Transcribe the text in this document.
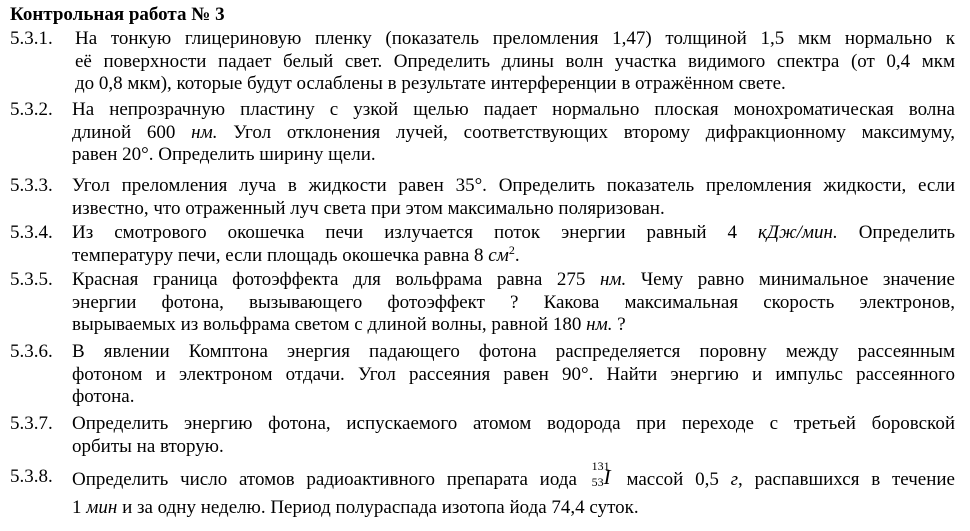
Контрольная работа № 3
5.3.1. На тонкую глицериновую пленку (показатель преломления 1,47) толщиной 1,5 мкм нормально к
её поверхности падает белый свет. Определить длины волн участка видимого спектра (от 0,4 мкм
до 0,8 мкм), которые будут ослаблены в результате интерференции в отражённом свете.
5.3.2. На непрозрачную пластину с узкой щелью падает нормально плоская монохроматическая волна
длиной 600 нм. Угол отклонения лучей, соответствующих второму дифракционному максимуму,
равен 20°. Определить ширину щели.
5.3.3. Угол преломления луча в жидкости равен 35°. Определить показатель преломления жидкости, если
известно, что отраженный луч света при этом максимально поляризован.
5.3.4. Из смотрового окошечка печи излучается поток энергии равный 4 кДж/мин. Определить
температуру печи, если площадь окошечка равна 8 $см^2$.
5.3.5. Красная граница фотоэффекта для вольфрама равна 275 нм. Чему равно минимальное значение
энергии фотона, вызывающего фотоэффект ? Какова максимальная скорость электронов,
вырываемых из вольфрама светом с длиной волны, равной 180 нм. ?
5.3.6. В явлении Комптона энергия падающего фотона распределяется поровну между рассеянным
фотоном и электроном отдачи. Угол рассеяния равен 90°. Найти энергию и импульс рассеянного
фотона.
5.3.7. Определить энергию фотона, испускаемого атомом водорода при переходе с третьей боровской
орбиты на вторую.
5.3.8. Определить число атомов радиоактивного препарата иода
131
53 I массой 0,5 г, распавшихся в течение
1 мин и за одну неделю. Период полураспада изотопа йода 74,4 суток.
